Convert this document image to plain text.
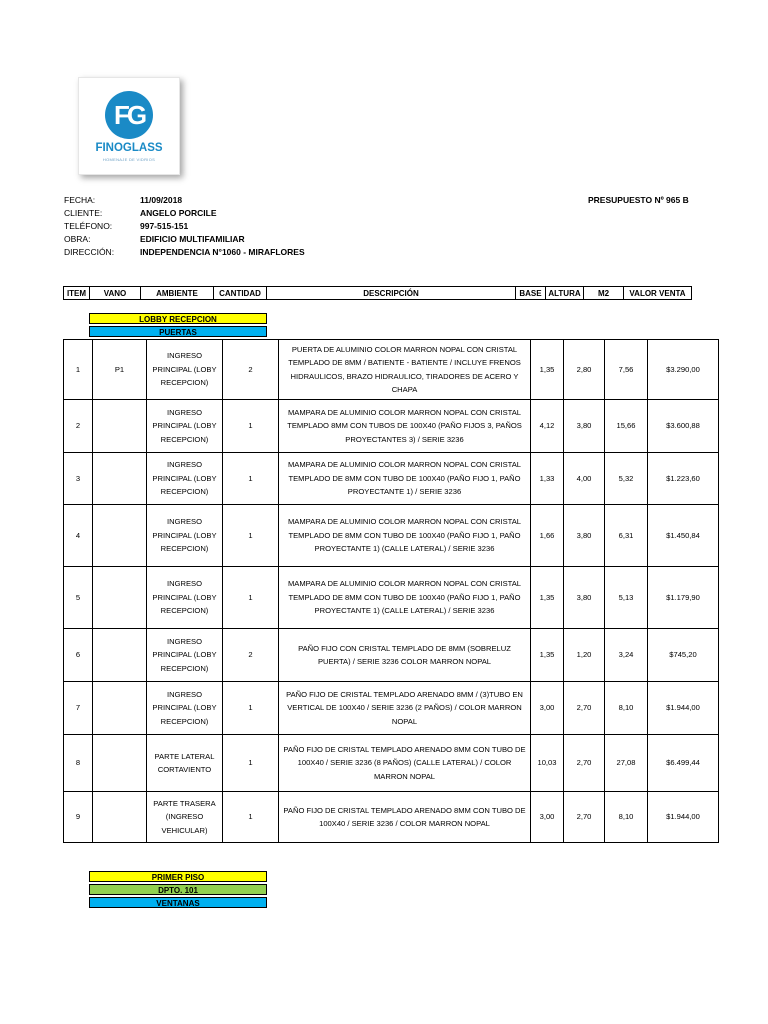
FG
FINOGLASS
HOMENAJE DE VIDRIOS
FECHA:	11/09/2018
CLIENTE:	ANGELO PORCILE
TELÉFONO:	997-515-151
OBRA:	EDIFICIO MULTIFAMILIAR
DIRECCIÓN:	INDEPENDENCIA N°1060 - MIRAFLORES
PRESUPUESTO Nº 965 B
ITEM	VANO	AMBIENTE	CANTIDAD	DESCRIPCIÓN	BASE	ALTURA	M2	VALOR VENTA
LOBBY RECEPCION
PUERTAS
1	P1	INGRESO PRINCIPAL (LOBY RECEPCION)	2	PUERTA DE ALUMINIO COLOR MARRON NOPAL CON CRISTAL TEMPLADO DE 8MM / BATIENTE - BATIENTE / INCLUYE FRENOS HIDRAULICOS, BRAZO HIDRAULICO, TIRADORES DE ACERO Y CHAPA	1,35	2,80	7,56	$3.290,00
2		INGRESO PRINCIPAL (LOBY RECEPCION)	1	MAMPARA DE ALUMINIO COLOR MARRON NOPAL CON CRISTAL TEMPLADO 8MM CON TUBOS DE 100X40 (PAÑO FIJOS 3, PAÑOS PROYECTANTES 3) / SERIE 3236	4,12	3,80	15,66	$3.600,88
3		INGRESO PRINCIPAL (LOBY RECEPCION)	1	MAMPARA DE ALUMINIO COLOR MARRON NOPAL CON CRISTAL TEMPLADO DE 8MM CON TUBO DE 100X40 (PAÑO FIJO 1, PAÑO PROYECTANTE 1) / SERIE 3236	1,33	4,00	5,32	$1.223,60
4		INGRESO PRINCIPAL (LOBY RECEPCION)	1	MAMPARA DE ALUMINIO COLOR MARRON NOPAL CON CRISTAL TEMPLADO DE 8MM CON TUBO DE 100X40 (PAÑO FIJO 1, PAÑO PROYECTANTE 1) (CALLE LATERAL) / SERIE 3236	1,66	3,80	6,31	$1.450,84
5		INGRESO PRINCIPAL (LOBY RECEPCION)	1	MAMPARA DE ALUMINIO COLOR MARRON NOPAL CON CRISTAL TEMPLADO DE 8MM CON TUBO DE 100X40 (PAÑO FIJO 1, PAÑO PROYECTANTE 1) (CALLE LATERAL) / SERIE 3236	1,35	3,80	5,13	$1.179,90
6		INGRESO PRINCIPAL (LOBY RECEPCION)	2	PAÑO FIJO CON CRISTAL TEMPLADO DE 8MM (SOBRELUZ PUERTA) / SERIE 3236 COLOR MARRON NOPAL	1,35	1,20	3,24	$745,20
7		INGRESO PRINCIPAL (LOBY RECEPCION)	1	PAÑO FIJO DE CRISTAL TEMPLADO ARENADO 8MM / (3)TUBO EN VERTICAL DE 100X40 / SERIE 3236 (2 PAÑOS) / COLOR MARRON NOPAL	3,00	2,70	8,10	$1.944,00
8		PARTE LATERAL CORTAVIENTO	1	PAÑO FIJO DE CRISTAL TEMPLADO ARENADO 8MM CON TUBO DE 100X40 / SERIE 3236 (8 PAÑOS) (CALLE LATERAL) / COLOR MARRON NOPAL	10,03	2,70	27,08	$6.499,44
9		PARTE TRASERA (INGRESO VEHICULAR)	1	PAÑO FIJO DE CRISTAL TEMPLADO ARENADO 8MM CON TUBO DE 100X40 / SERIE 3236 / COLOR MARRON NOPAL	3,00	2,70	8,10	$1.944,00
PRIMER PISO
DPTO. 101
VENTANAS
